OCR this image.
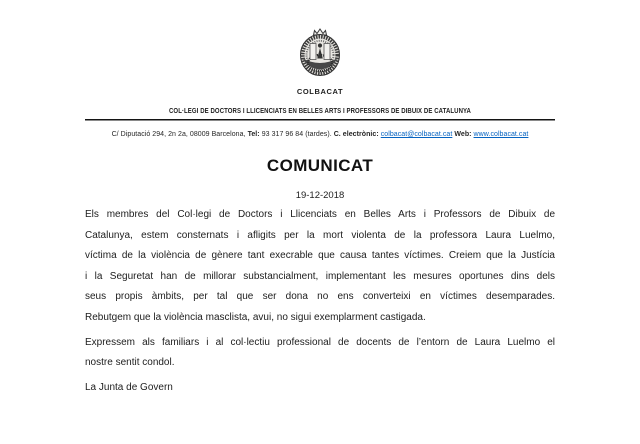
COLBACAT
COL·LEGI DE DOCTORS I LLICENCIATS EN BELLES ARTS I PROFESSORS DE DIBUIX DE CATALUNYA
C/ Diputació 294, 2n 2a, 08009 Barcelona, Tel: 93 317 96 84 (tardes). C. electrònic: colbacat@colbacat.cat Web: www.colbacat.cat
COMUNICAT
19-12-2018
Els membres del Col·legi de Doctors i Llicenciats en Belles Arts i Professors de Dibuix de
Catalunya, estem consternats i afligits per la mort violenta de la professora Laura Luelmo,
víctima de la violència de gènere tant execrable que causa tantes víctimes. Creiem que la Justícia
i la Seguretat han de millorar substancialment, implementant les mesures oportunes dins dels
seus propis àmbits, per tal que ser dona no ens converteixi en víctimes desemparades.
Rebutgem que la violència masclista, avui, no sigui exemplarment castigada.
Expressem als familiars i al col·lectiu professional de docents de l’entorn de Laura Luelmo el
nostre sentit condol.
La Junta de Govern
